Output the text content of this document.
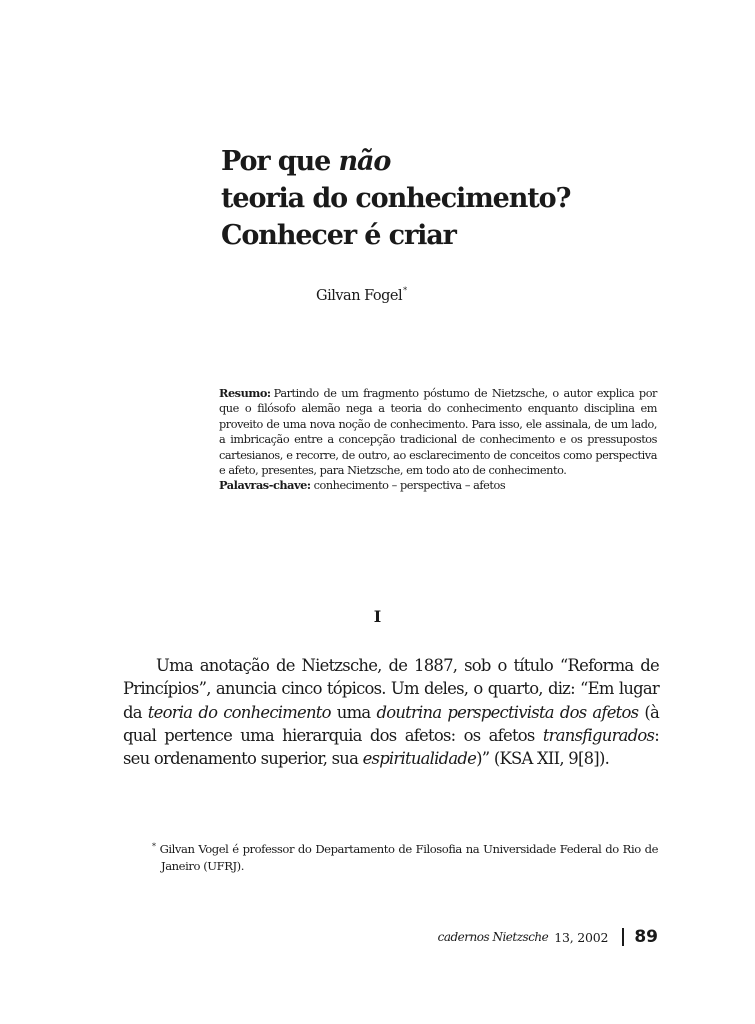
Por que não
teoria do conhecimento?
Conhecer é criar
Gilvan Fogel*

Resumo: Partindo de um fragmento póstumo de Nietzsche, o autor explica por que o filósofo alemão nega a teoria do conhecimento enquanto disciplina em proveito de uma nova noção de conhecimento. Para isso, ele assinala, de um lado, a imbricação entre a concepção tradicional de conhecimento e os pressupostos cartesianos, e recorre, de outro, ao esclarecimento de conceitos como perspectiva e afeto, presentes, para Nietzsche, em todo ato de conhecimento.

Palavras-chave: conhecimento – perspectiva – afetos

I

Uma anotação de Nietzsche, de 1887, sob o título “Reforma de Princípios”, anuncia cinco tópicos. Um deles, o quarto, diz: “Em lugar da teoria do conhecimento uma doutrina perspectivista dos afetos (à qual pertence uma hierarquia dos afetos: os afetos transfigurados: seu ordenamento superior, sua espiritualidade)” (KSA XII, 9[8]).

* Gilvan Vogel é professor do Departamento de Filosofia na Universidade Federal do Rio de Janeiro (UFRJ).

cadernos Nietzsche 13, 2002 89
